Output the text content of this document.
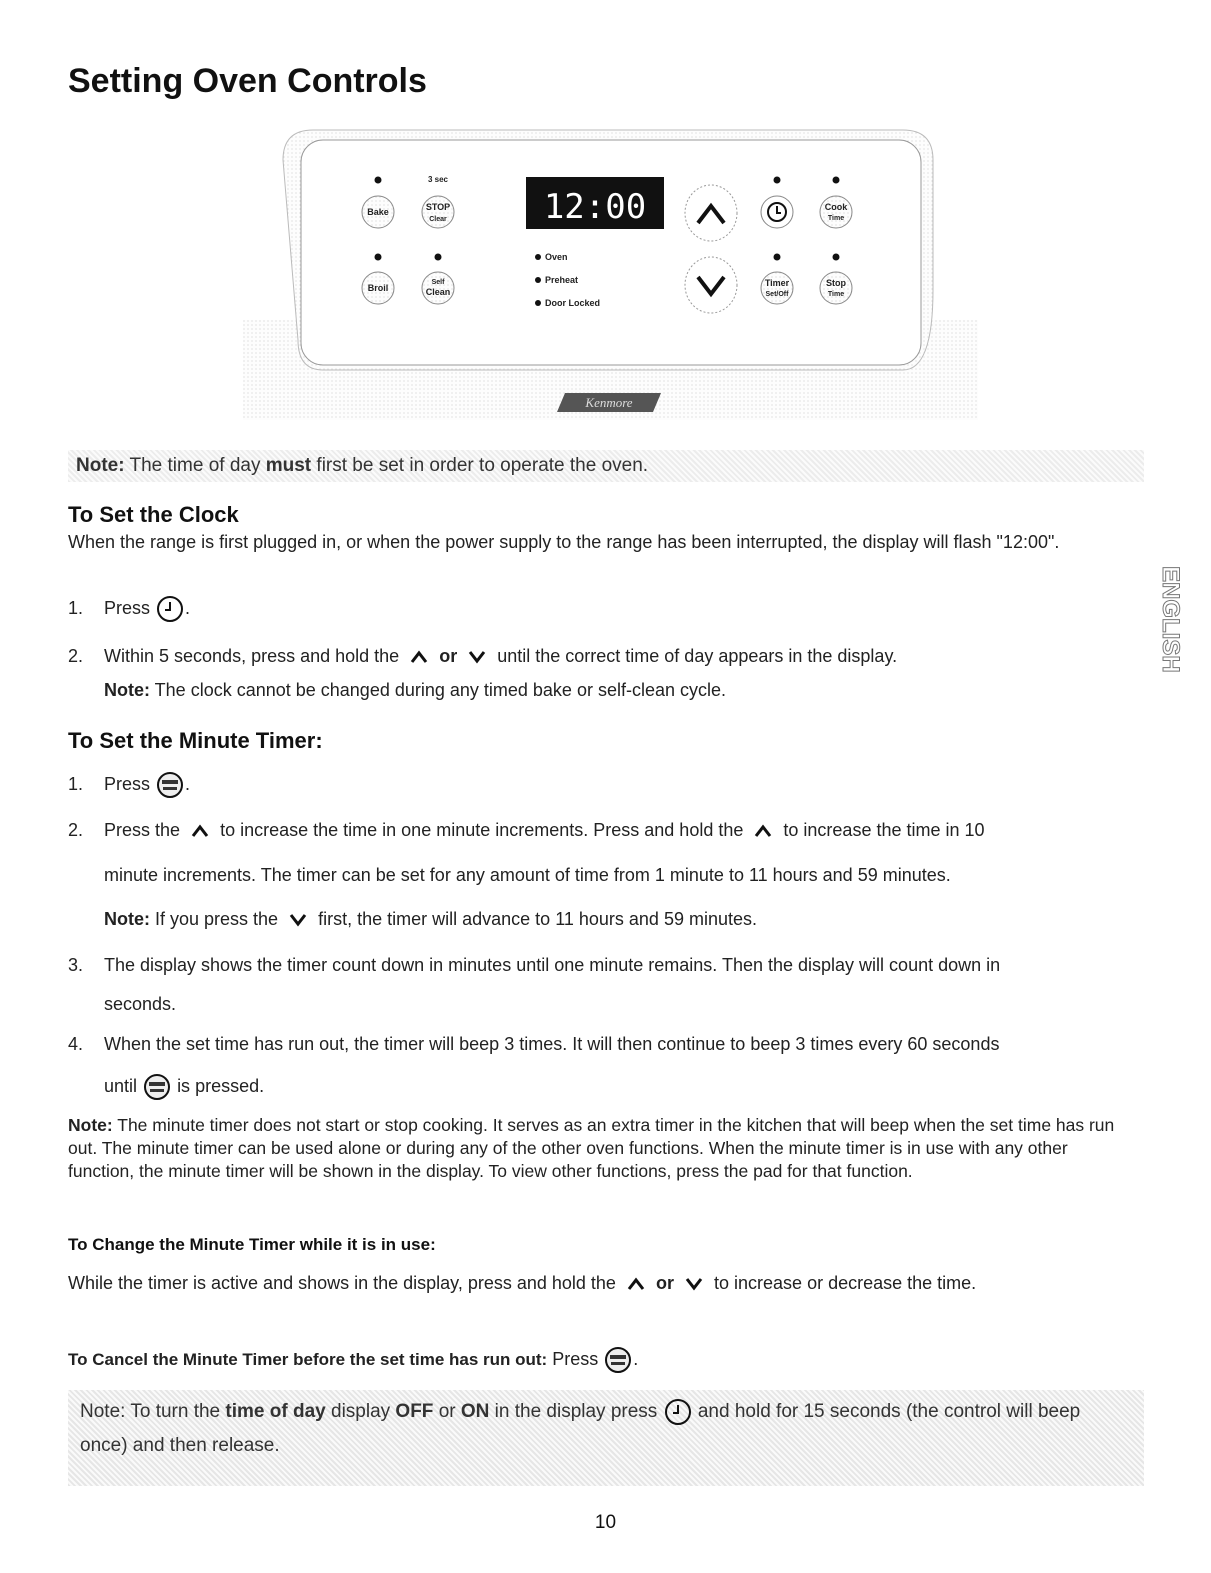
Setting Oven Controls
Bake
3 sec
STOP
Clear
Broil
Self
Clean
12:00
Oven
Preheat
Door Locked
Cook
Time
Timer
Set/Off
Stop
Time
Kenmore
Note: The time of day must first be set in order to operate the oven.
To Set the Clock
When the range is first plugged in, or when the power supply to the range has been interrupted, the display will flash "12:00".
1. Press .
2. Within 5 seconds, press and hold the or until the correct time of day appears in the display.
Note: The clock cannot be changed during any timed bake or self-clean cycle.
To Set the Minute Timer:
1. Press .
2. Press the to increase the time in one minute increments. Press and hold the to increase the time in 10
minute increments. The timer can be set for any amount of time from 1 minute to 11 hours and 59 minutes.
Note: If you press the first, the timer will advance to 11 hours and 59 minutes.
3. The display shows the timer count down in minutes until one minute remains. Then the display will count down in
seconds.
4. When the set time has run out, the timer will beep 3 times. It will then continue to beep 3 times every 60 seconds
until is pressed.
Note: The minute timer does not start or stop cooking. It serves as an extra timer in the kitchen that will beep when the set time has run out. The minute timer can be used alone or during any of the other oven functions. When the minute timer is in use with any other function, the minute timer will be shown in the display. To view other functions, press the pad for that function.
To Change the Minute Timer while it is in use:
While the timer is active and shows in the display, press and hold the or to increase or decrease the time.
To Cancel the Minute Timer before the set time has run out: Press .
Note: To turn the time of day display OFF or ON in the display press and hold for 15 seconds (the control will beep once) and then release.
ENGLISH
10
